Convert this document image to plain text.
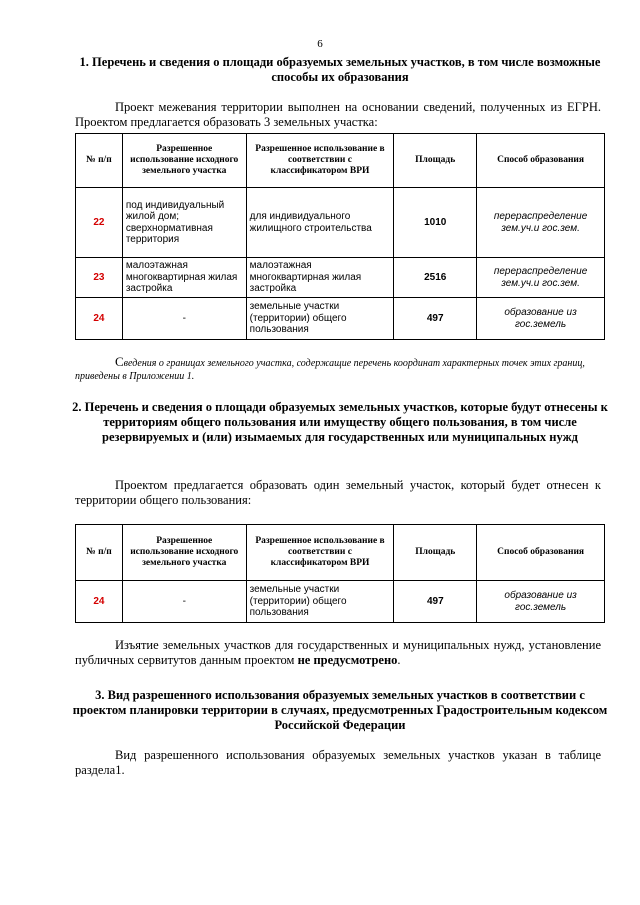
6

1. Перечень и сведения о площади образуемых земельных участков, в том числе возможные способы их образования

Проект межевания территории выполнен на основании сведений, полученных из ЕГРН. Проектом предлагается образовать 3 земельных участка:

№ п/п	Разрешенное использование исходного земельного участка	Разрешенное использование в соответствии с классификатором ВРИ	Площадь	Способ образования
22	под индивидуальный жилой дом; сверхнормативная территория	для индивидуального жилищного строительства	1010	перераспределение зем.уч.и гос.зем.
23	малоэтажная многоквартирная жилая застройка	малоэтажная многоквартирная жилая застройка	2516	перераспределение зем.уч.и гос.зем.
24	-	земельные участки (территории) общего пользования	497	образование из гос.земель

Сведения о границах земельного участка, содержащие перечень координат характерных точек этих границ, приведены в Приложении 1.

2. Перечень и сведения о площади образуемых земельных участков, которые будут отнесены к территориям общего пользования или имуществу общего пользования, в том числе резервируемых и (или) изымаемых для государственных или муниципальных нужд

Проектом предлагается образовать один земельный участок, который будет отнесен к территории общего пользования:

№ п/п	Разрешенное использование исходного земельного участка	Разрешенное использование в соответствии с классификатором ВРИ	Площадь	Способ образования
24	-	земельные участки (территории) общего пользования	497	образование из гос.земель

Изъятие земельных участков для государственных и муниципальных нужд, установление публичных сервитутов данным проектом не предусмотрено.

3. Вид разрешенного использования образуемых земельных участков в соответствии с проектом планировки территории в случаях, предусмотренных Градостроительным кодексом Российской Федерации

Вид разрешенного использования образуемых земельных участков указан в таблице раздела1.
